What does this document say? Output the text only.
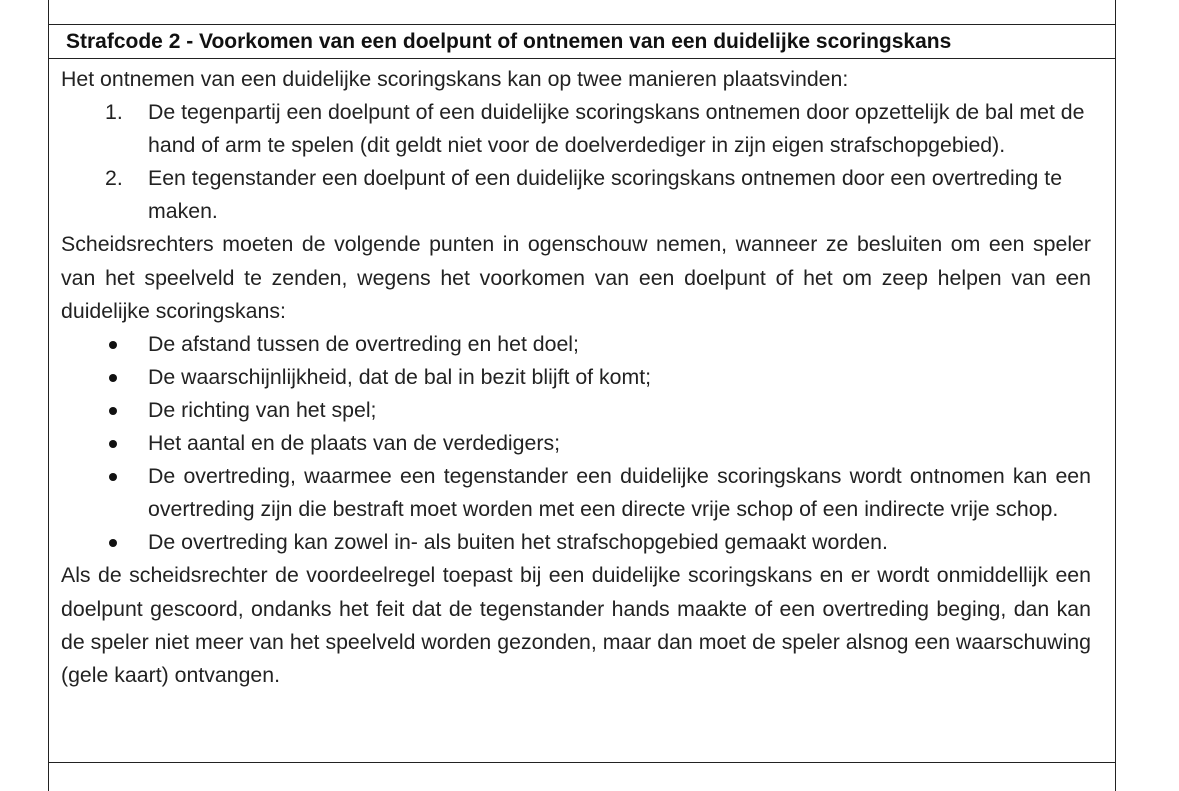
Strafcode 2 - Voorkomen van een doelpunt of ontnemen van een duidelijke scoringskans

Het ontnemen van een duidelijke scoringskans kan op twee manieren plaatsvinden:

1. De tegenpartij een doelpunt of een duidelijke scoringskans ontnemen door opzettelijk de bal met de hand of arm te spelen (dit geldt niet voor de doelverdediger in zijn eigen strafschopgebied).
2. Een tegenstander een doelpunt of een duidelijke scoringskans ontnemen door een overtreding te maken.

Scheidsrechters moeten de volgende punten in ogenschouw nemen, wanneer ze besluiten om een speler van het speelveld te zenden, wegens het voorkomen van een doelpunt of het om zeep helpen van een duidelijke scoringskans:

De afstand tussen de overtreding en het doel;
De waarschijnlijkheid, dat de bal in bezit blijft of komt;
De richting van het spel;
Het aantal en de plaats van de verdedigers;
De overtreding, waarmee een tegenstander een duidelijke scoringskans wordt ontnomen kan een overtreding zijn die bestraft moet worden met een directe vrije schop of een indirecte vrije schop.
De overtreding kan zowel in- als buiten het strafschopgebied gemaakt worden.

Als de scheidsrechter de voordeelregel toepast bij een duidelijke scoringskans en er wordt onmiddellijk een doelpunt gescoord, ondanks het feit dat de tegenstander hands maakte of een overtreding beging, dan kan de speler niet meer van het speelveld worden gezonden, maar dan moet de speler alsnog een waarschuwing (gele kaart) ontvangen.
